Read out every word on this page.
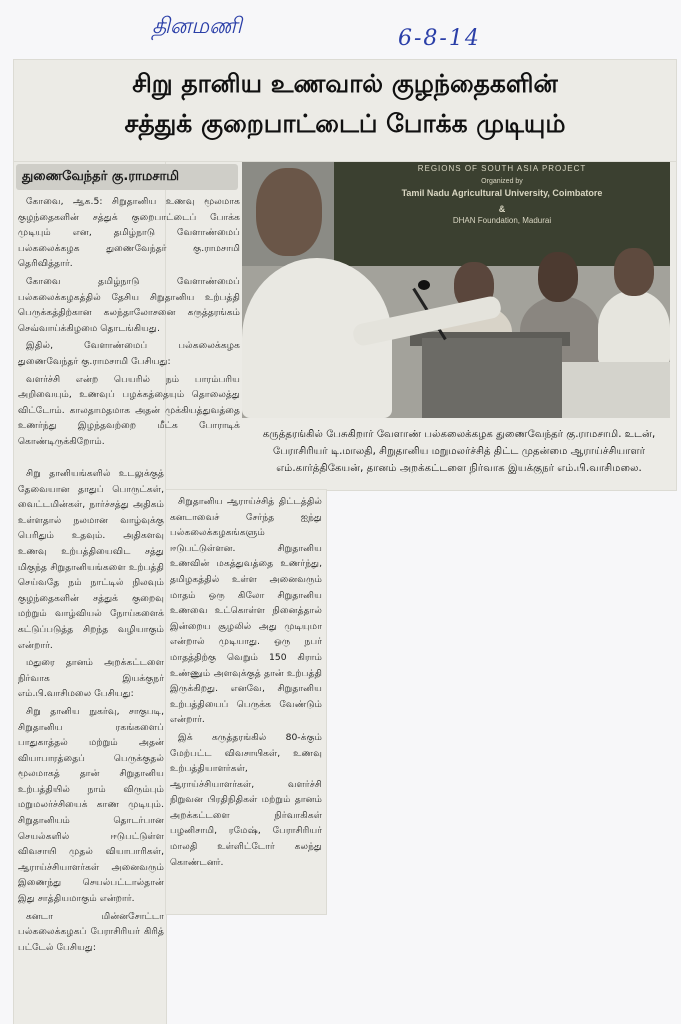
தினமணி	6-8-14
சிறு தானிய உணவால் குழந்தைகளின்
சத்துக் குறைபாட்டைப் போக்க முடியும்
துணைவேந்தர் கு.ராமசாமி

கோவை, ஆக.5: சிறுதானிய உணவு மூலமாக குழந்தைகளின் சத்துக் குறைபாட்டைப் போக்க முடியும் என, தமிழ்நாடு வேளாண்மைப் பல்கலைக்கழக துணைவேந்தர் கு.ராமசாமி தெரிவித்தார்.

கோவை தமிழ்நாடு வேளாண்மைப் பல்கலைக்கழகத்தில் தேசிய சிறுதானிய உற்பத்தி பெருக்கத்திற்கான கலந்தாலோசனை கருத்தரங்கம் செவ்வாய்க்கிழமை தொடங்கியது.

இதில், வேளாண்மைப் பல்கலைக்கழக துணைவேந்தர் கு.ராமசாமி பேசியது:

வளர்ச்சி என்ற பெயரில் நம் பாரம்பரிய அறிவையும், உணவுப் பழக்கத்தையும் தொலைத்து விட்டோம். காலதாமதமாக அதன் முக்கியத்துவத்தை உணர்ந்து இழந்தவற்றை மீட்க போராடிக் கொண்டிருக்கிறோம்.

சிறு தானியங்களில் உடலுக்குத் தேவையான தாதுப் பொருட்கள், வைட்டமின்கள், நார்ச்சத்து அதிகம் உள்ளதால் நலமான வாழ்வுக்கு பெரிதும் உதவும். அதிகளவு உணவு உற்பத்தியைவிட சத்து மிகுந்த சிறுதானியங்களை உற்பத்தி செய்வதே நம் நாட்டில் நிலவும் குழந்தைகளின் சத்துக் குறைவு மற்றும் வாழ்வியல் நோய்களைக் கட்டுப்படுத்த சிறந்த வழியாகும் என்றார்.

மதுரை தானம் அறக்கட்டளை நிர்வாக இயக்குநர் எம்.பி.வாசிமலை பேசியது:

சிறு தானிய நுகர்வு, சாகுபடி, சிறுதானிய ரகங்களைப் பாதுகாத்தல் மற்றும் அதன் வியாபாரத்தைப் பெருக்குதல் மூலமாகத் தான் சிறுதானிய உற்பத்தியில் நாம் விரும்பும் மறுமலர்ச்சியைக் காண முடியும். சிறுதானியம் தொடர்பான செயல்களில் ஈடுபட்டுள்ள விவசாயி முதல் வியாபாரிகள், ஆராய்ச்சியாளர்கள் அனைவரும் இணைந்து செயல்பட்டால்தான் இது சாத்தியமாகும் என்றார்.

கனடா மின்னசோட்டா பல்கலைக்கழகப் பேராசிரியர் கிரித் பட்டேல் பேசியது:

சிறுதானிய ஆராய்ச்சித் திட்டத்தில் கனடாவைச் சேர்ந்த ஐந்து பல்கலைக்கழகங்களும் ஈடுபட்டுள்ளன. சிறுதானிய உணவின் மகத்துவத்தை உணர்ந்து, தமிழகத்தில் உள்ள அனைவரும் மாதம் ஒரு கிலோ சிறுதானிய உணவை உட்கொள்ள நினைத்தால் இன்றைய சூழலில் அது முடியுமா என்றால் முடியாது. ஒரு நபர் மாதத்திற்கு வெறும் 150 கிராம் உண்ணும் அளவுக்குத் தான் உற்பத்தி இருக்கிறது. எனவே, சிறுதானிய உற்பத்தியைப் பெருக்க வேண்டும் என்றார்.

இக் கருத்தரங்கில் 80-க்கும் மேற்பட்ட விவசாயிகள், உணவு உற்பத்தியாளர்கள், ஆராய்ச்சியாளர்கள், வளர்ச்சி நிறுவன பிரதிநிதிகள் மற்றும் தானம் அறக்கட்டளை நிர்வாகிகள் பழனிசாமி, ரமேஷ், பேராசிரியர் மாலதி உள்ளிட்டோர் கலந்து கொண்டனர்.

REGIONS OF SOUTH ASIA PROJECT
Organized by
Tamil Nadu Agricultural University, Coimbatore
&
DHAN Foundation, Madurai
கருத்தரங்கில் பேசுகிறார் வேளாண் பல்கலைக்கழக துணைவேந்தர் கு.ராமசாமி. உடன், பேராசிரியர் டி.மாலதி, சிறுதானிய மறுமலர்ச்சித் திட்ட முதன்மை ஆராய்ச்சியாளர் எம்.கார்த்திகேயன், தானம் அறக்கட்டளை நிர்வாக இயக்குநர் எம்.பி.வாசிமலை.
